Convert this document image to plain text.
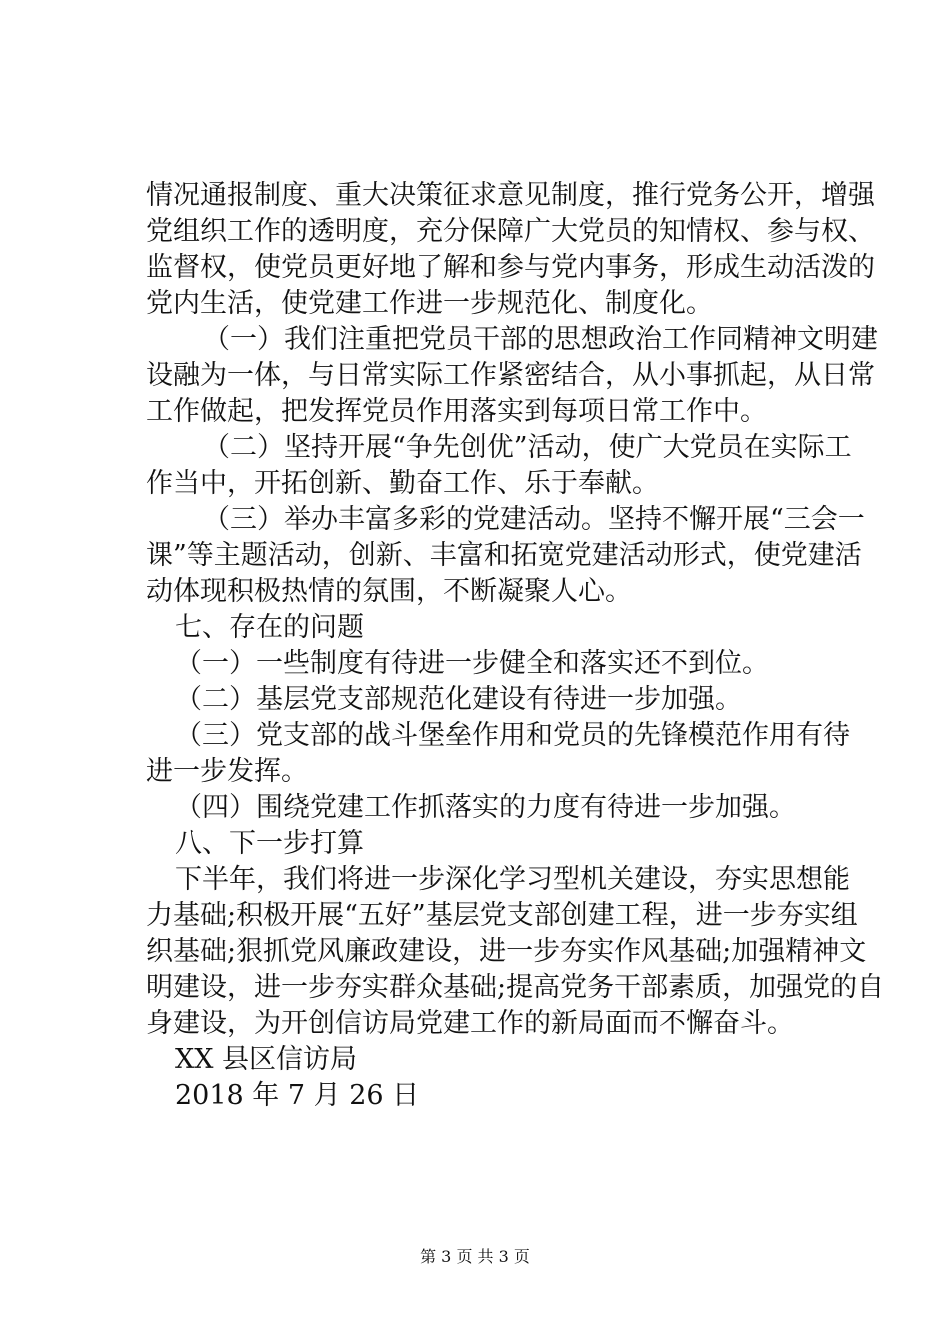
情况通报制度、重大决策征求意见制度，推行党务公开，增强
党组织工作的透明度，充分保障广大党员的知情权、参与权、
监督权，使党员更好地了解和参与党内事务，形成生动活泼的
党内生活，使党建工作进一步规范化、制度化。
（一）我们注重把党员干部的思想政治工作同精神文明建
设融为一体，与日常实际工作紧密结合，从小事抓起，从日常
工作做起，把发挥党员作用落实到每项日常工作中。
（二）坚持开展“争先创优”活动，使广大党员在实际工
作当中，开拓创新、勤奋工作、乐于奉献。
（三）举办丰富多彩的党建活动。坚持不懈开展“三会一
课”等主题活动，创新、丰富和拓宽党建活动形式，使党建活
动体现积极热情的氛围，不断凝聚人心。
七、存在的问题
（一）一些制度有待进一步健全和落实还不到位。
（二）基层党支部规范化建设有待进一步加强。
（三）党支部的战斗堡垒作用和党员的先锋模范作用有待
进一步发挥。
（四）围绕党建工作抓落实的力度有待进一步加强。
八、下一步打算
下半年，我们将进一步深化学习型机关建设，夯实思想能
力基础;积极开展“五好”基层党支部创建工程，进一步夯实组
织基础;狠抓党风廉政建设，进一步夯实作风基础;加强精神文
明建设，进一步夯实群众基础;提高党务干部素质，加强党的自
身建设，为开创信访局党建工作的新局面而不懈奋斗。
XX 县区信访局
2018 年 7 月 26 日
第 3 页 共 3 页
